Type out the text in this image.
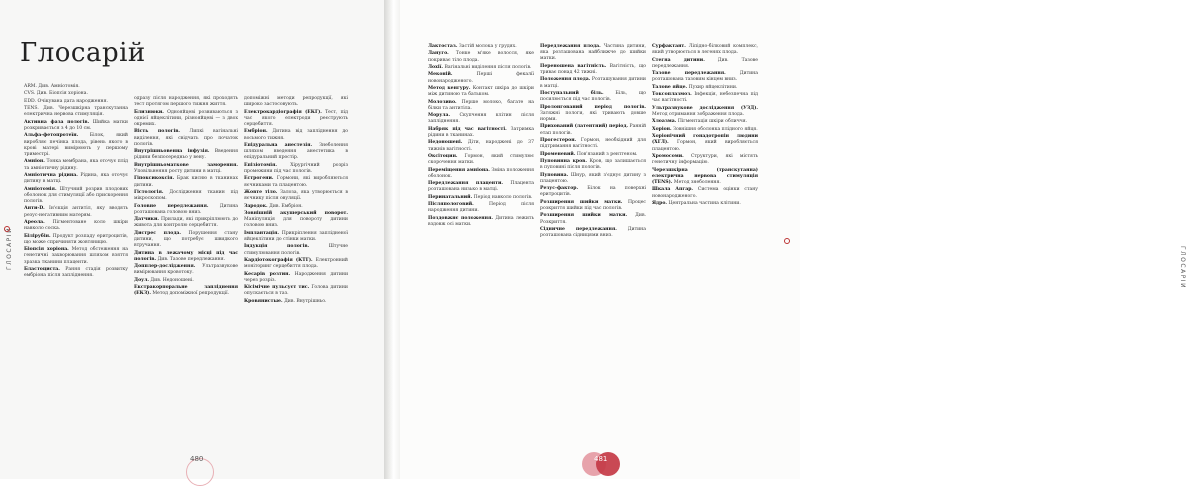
Глосарій

ARM. Див. Амніотомія.

CVS. Див. Біопсія хоріона.

EDD. Очікувана дата народження.

TENS. Див. Черезшкірна транскутанна електрична нервова стимуляція.

Активна фаза пологів. Шийка матки розкривається з 4 до 10 см.

Альфа-фетопротеїн.	Білок, який виробляє печінка плода, рівень якого в крові матері вимірюють у першому триместрі.

Амніон. Тонка мембрана, яка оточує плід та амніотичну рідину.

Амніотична рідина. Рідина, яка оточує дитину в матці.

Амніотомія. Штучний розрив плодових оболонок для стимуляції або прискорення пологів.

Анти-D. Ін'єкція антитіл, яку вводять резус-негативним матерям.

Ареола. Пігментоване коло шкіри навколо соска.

Білірубін. Продукт розпаду еритроцитів, що може спричиняти жовтяницю.

Біопсія хоріона. Метод обстеження на генетичні захворювання шляхом взяття зразка тканини плаценти.

Бластоциста. Рання стадія розвитку ембріона після запліднення.

одразу після народження, які проходять тест протягом першого тижня життя.

Близнюки. Однояйцеві розвиваються з однієї яйцеклітини, різнояйцеві — з двох окремих.

Вість пологів. Липкі вагінальні виділення, які свідчать про початок пологів.

Внутрішньовенна інфузія. Введення рідини безпосередньо у вену.

Внутрішньоматкове заморення. Уповільнення росту дитини в матці.

Гіпоксикоксія. Брак кисню в тканинах дитини.

Гістологія. Дослідження тканин під мікроскопом.

Головне передлежання. Дитина розташована головою вниз.

Датчики. Прилади, які прикріплюють до живота для контролю серцебиття.

Дистрес плода. Порушення стану дитини, що потребує швидкого втручання.

Дитина в лежачому місці під час пологів. Див. Тазове передлежання.

Допплер-дослідження. Ультразвукове вимірювання кровотоку.

Доул. Див. Недоношені.

Екстракорпоральне запліднення (ЕКЗ). Метод допоміжної репродукції.

допоміжні методи репродукції, які широко застосовують.

Електрокардіографія (ЕКГ). Тест, під час якого електроди реєструють серцебиття.

Ембріон. Дитина від запліднення до восьмого тижня.

Епідуральна анестезія. Знеболення шляхом введення анестетика в епідуральний простір.

Епізіотомія.	Хірургічний розріз промежини під час пологів.

Естрогени. Гормони, які виробляються яєчниками та плацентою.

Жовте тіло. Залоза, яка утворюється в яєчнику після овуляції.

Зародок. Див. Ембріон.

Зовнішній акушерський поворот. Маніпуляція для повороту дитини головою вниз.

Імплантація. Прикріплення заплідненої яйцеклітини до стінки матки.

Індукція пологів.	Штучне стимулювання пологів.

Кардіотокографія (КТГ). Електронний моніторинг серцебиття плода.

Кесарів розтин. Народження дитини через розріз.

Кісімічне пульсуєт тис. Голова дитини опускається в таз.

Кровянистые. Див. Внутрішньо.

ГЛОСАРІЙ
480

Лактостаз. Застій молока у грудях.

Ланугo. Тонке м'яке волосся, яке покриває тіло плода.

Лохії. Вагінальні виділення після пологів.

Меконій.	Перші фекалії новонародженого.

Метод кенгуру. Контакт шкіра до шкіри між дитиною та батьком.

Молозиво. Перше молоко, багате на білки та антитіла.

Морула. Скупчення клітин після запліднення.

Набряк під час вагітності. Затримка рідини в тканинах.

Недоношені. Діти, народжені до 37 тижнів вагітності.

Оксітоцин. Гормон, який стимулює скорочення матки.

Переміщення амніона. Зміна положення оболонок.

Передлежання плаценти. Плацента розташована низько в матці.

Перинатальний. Період навколо пологів.

Післяпологовий.	Період після народження дитини.

Поздовжнє положення. Дитина лежить вздовж осі матки.

Передлежання плода. Частина дитини, яка розташована найближче до шийки матки.

Переношена вагітність. Вагітність, що триває понад 42 тижні.

Положення плода. Розташування дитини в матці.

Поступальний біль.	Біль, що посилюється під час пологів.

Пролонгований період пологів. Затяжні пологи, які тривають довше норми.

Прихований (латентний) період. Ранній етап пологів.

Прогестерон. Гормон, необхідний для підтримання вагітності.

Променевий. Пов'язаний з рентгеном.

Пуповинна кров. Кров, що залишається в пуповині після пологів.

Пуповина. Шнур, який з'єднує дитину з плацентою.

Резус-фактор. Білок на поверхні еритроцитів.

Розширення шийки матки. Процес розкриття шийки під час пологів.

Розширення шийки матки. Див. Розкриття.

Сідничне передлежання. Дитина розташована сідницями вниз.

Сурфактант. Ліпідно-білковий комплекс, який утворюється в легенях плода.

Стегна дитини.	Див. Тазове передлежання.

Тазове передлежання.	Дитина розташована тазовим кінцем вниз.

Талове яйце. Пухир яйцеклітини.

Токсоплазмоз. Інфекція, небезпечна під час вагітності.

Ультразвукове дослідження (УЗД). Метод отримання зображення плода.

Хлоазма. Пігментація шкіри обличчя.

Хоріон. Зовнішня оболонка плідного яйця.

Хоріонічний гонадотропін людини (ХГЛ). Гормон, який виробляється плацентою.

Хромосоми. Структури, які містять генетичну інформацію.

Черезшкірна (транскутанна) електрична нервова стимуляція (TENS). Метод знеболення.

Шкала Апгар. Система оцінки стану новонародженого.

Ядро. Центральна частина клітини.

ГЛОСАРІЙ
481
